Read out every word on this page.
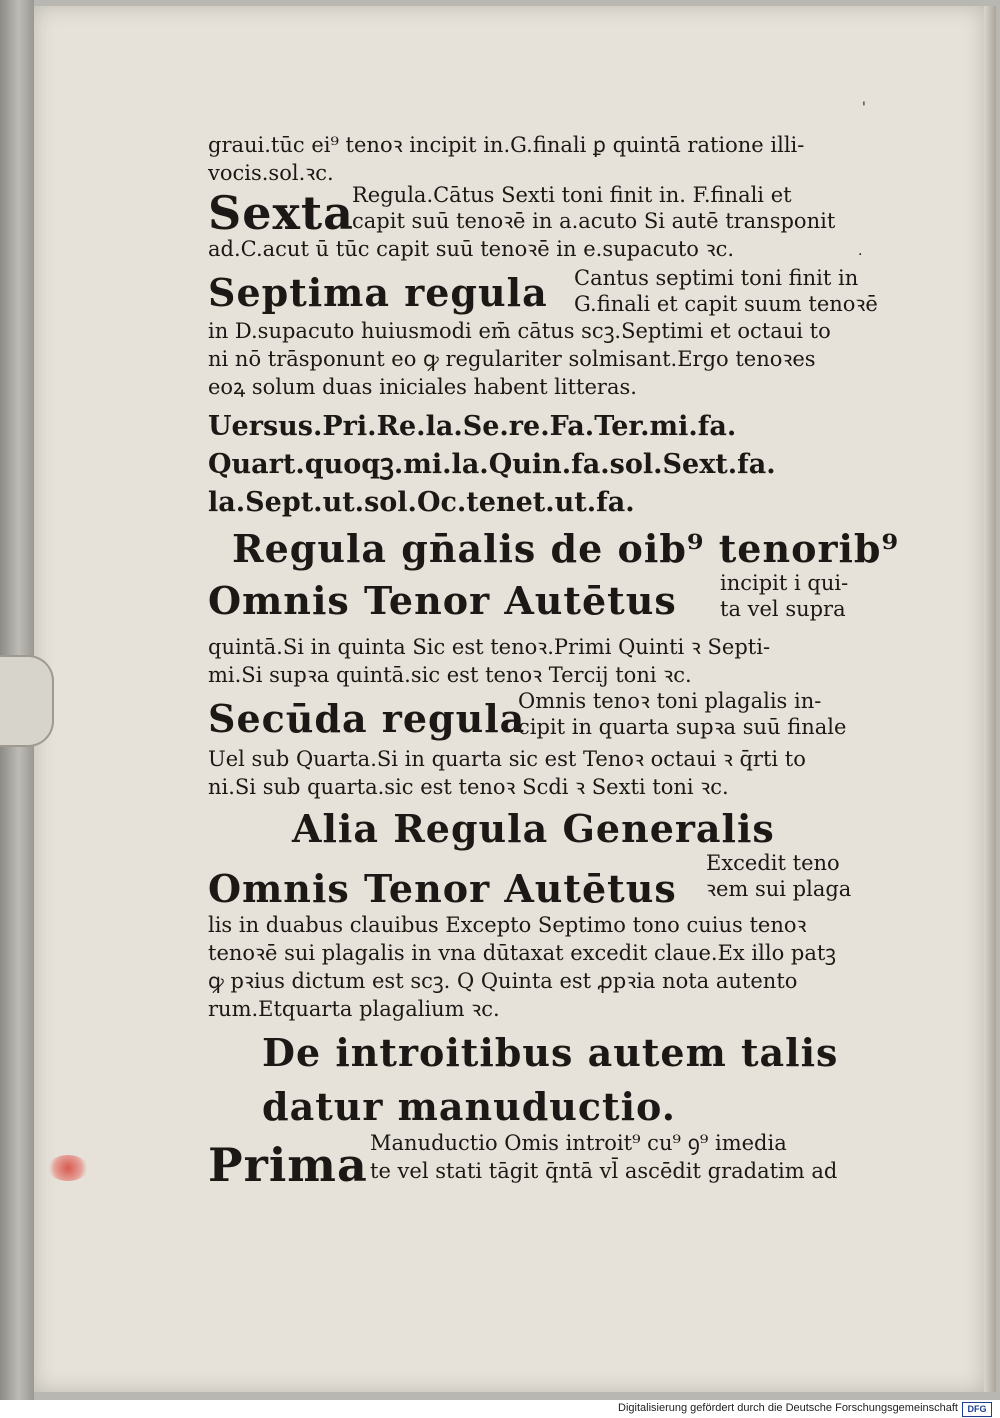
'
.
graui.tūc ei⁹ tenoꝛ incipit in.G.finali ꝑ quintā ratione illi-
vocis.sol.ꝛc.
Sexta
Regula.Cātus Sexti toni finit in. F.finali et
capit suū tenoꝛē in a.acuto Si autē transponit
ad.C.acut ū tūc capit suū tenoꝛē in e.supacuto ꝛc.
Septima regula Cantus septimi toni finit in
G.finali et capit suum tenoꝛē
in D.supacuto huiusmodi em̄ cātus scꝫ.Septimi et octaui to
ni nō trāsponunt eo ꝙ regulariter solmisant.Ergo tenoꝛes
eoꝝ solum duas iniciales habent litteras.
Uersus.Pri.Re.la.Se.re.Fa.Ter.mi.fa.
Quart.quoqꝫ.mi.la.Quin.fa.sol.Sext.fa.
la.Sept.ut.sol.Oc.tenet.ut.fa.
Regula gn̄alis de oib⁹ tenorib⁹
Omnis Tenor Autētus incipit i qui-
ta vel supra
quintā.Si in quinta Sic est tenoꝛ.Primi Quinti ꝛ Septi-
mi.Si supꝛa quintā.sic est tenoꝛ Tercij toni ꝛc.
Secūda regula
Omnis tenoꝛ toni plagalis in-
cipit in quarta supꝛa suū finale
Uel sub Quarta.Si in quarta sic est Tenoꝛ octaui ꝛ q̄rti to
ni.Si sub quarta.sic est tenoꝛ Scdi ꝛ Sexti toni ꝛc.
Alia Regula Generalis
Omnis Tenor Autētus
Excedit teno
ꝛem sui plaga
lis in duabus clauibus Excepto Septimo tono cuius tenoꝛ
tenoꝛē sui plagalis in vna dūtaxat excedit claue.Ex illo patꝫ
ꝙ pꝛius dictum est scꝫ. Q Quinta est ꝓpꝛia nota autento
rum.Etquarta plagalium ꝛc.
De introitibus autem talis
datur manuductio.
Prima Manuductio Omis introit⁹ cu⁹ ꝯ⁹ imedia
te vel stati tāgit q̄ntā vl̄ ascēdit gradatim ad
Digitalisierung gefördert durch die Deutsche Forschungsgemeinschaft	DFG
